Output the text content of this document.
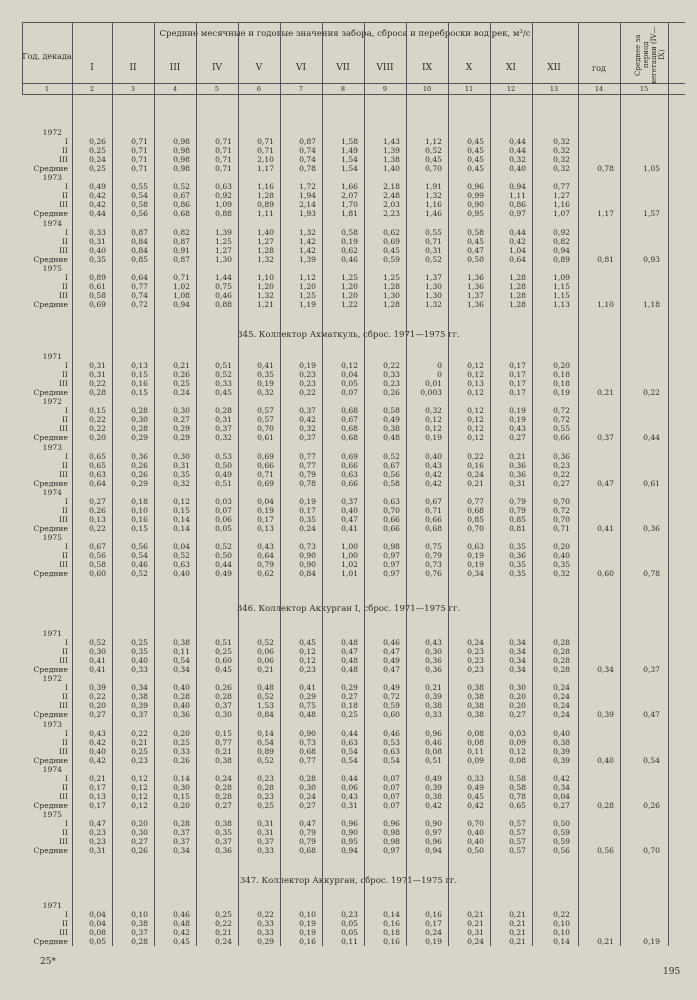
Год, декада
Средние месячные и годовые значения забора, сброса и переброски вод рек, м³/с
Среднее за период вегетации (IV—IX)
I	II	III	IV	V	VI	VII	VIII	IX	X	XI	XII	год
1	2	3	4	5	6	7	8	9	10	11	12	13	14	15
1972
I	0,26	0,71	0,98	0,71	0,71	0,87	1,58	1,43	1,12	0,45	0,44	0,32
II	0,25	0,71	0,98	0,71	0,71	0,74	1,49	1,39	0,52	0,45	0,44	0,32
III	0,24	0,71	0,98	0,71	2,10	0,74	1,54	1,38	0,45	0,45	0,32	0,32
Средние	0,25	0,71	0,98	0,71	1,17	0,78	1,54	1,40	0,70	0,45	0,40	0,32	0,78	1,05
1973
I	0,49	0,55	0,52	0,63	1,16	1,72	1,66	2,18	1,91	0,96	0,94	0,77
II	0,42	0,54	0,67	0,92	1,28	1,94	2,07	2,48	1,32	0,99	1,11	1,27
III	0,42	0,58	0,86	1,09	0,89	2,14	1,70	2,03	1,16	0,90	0,86	1,16
Средние	0,44	0,56	0,68	0,88	1,11	1,93	1,81	2,23	1,46	0,95	0,97	1,07	1,17	1,57
1974
I	0,33	0,87	0,82	1,39	1,40	1,32	0,58	0,62	0,55	0,58	0,44	0,92
II	0,31	0,84	0,87	1,25	1,27	1,42	0,19	0,69	0,71	0,45	0,42	0,82
III	0,40	0,84	0,91	1,27	1,28	1,42	0,62	0,45	0,31	0,47	1,04	0,94
Средние	0,35	0,85	0,87	1,30	1,32	1,39	0,46	0,59	0,52	0,50	0,64	0,89	0,81	0,93
1975
I	0,89	0,64	0,71	1,44	1,10	1,12	1,25	1,25	1,37	1,36	1,28	1,09
II	0,61	0,77	1,02	0,75	1,20	1,20	1,20	1,28	1,30	1,36	1,28	1,15
III	0,58	0,74	1,08	0,46	1,32	1,25	1,20	1,30	1,30	1,37	1,28	1,15
Средние	0,69	0,72	0,94	0,88	1,21	1,19	1,22	1,28	1,32	1,36	1,28	1,13	1,10	1,18
345. Коллектор Ахматкуль, сброс. 1971—1975 гг.
1971
I	0,31	0,13	0,21	0,51	0,41	0,19	0,12	0,22	0	0,12	0,17	0,20
II	0,31	0,15	0,26	0,52	0,35	0,23	0,04	0,33	0	0,12	0,17	0,18
III	0,22	0,16	0,25	0,33	0,19	0,23	0,05	0,23	0,01	0,13	0,17	0,18
Средние	0,28	0,15	0,24	0,45	0,32	0,22	0,07	0,26	0,003	0,12	0,17	0,19	0,21	0,22
1972
I	0,15	0,28	0,30	0,28	0,57	0,37	0,68	0,58	0,32	0,12	0,19	0,72
II	0,22	0,30	0,27	0,31	0,57	0,42	0,67	0,49	0,12	0,12	0,19	0,72
III	0,22	0,28	0,29	0,37	0,70	0,32	0,68	0,38	0,12	0,12	0,43	0,55
Средние	0,20	0,29	0,29	0,32	0,61	0,37	0,68	0,48	0,19	0,12	0,27	0,66	0,37	0,44
1973
I	0,65	0,36	0,30	0,53	0,69	0,77	0,69	0,52	0,40	0,22	0,21	0,36
II	0,65	0,26	0,31	0,50	0,66	0,77	0,66	0,67	0,43	0,16	0,36	0,23
III	0,63	0,26	0,35	0,49	0,71	0,79	0,63	0,56	0,42	0,24	0,36	0,22
Средние	0,64	0,29	0,32	0,51	0,69	0,78	0,66	0,58	0,42	0,21	0,31	0,27	0,47	0,61
1974
I	0,27	0,18	0,12	0,03	0,04	0,19	0,37	0,63	0,67	0,77	0,79	0,70
II	0,26	0,10	0,15	0,07	0,19	0,17	0,40	0,70	0,71	0,68	0,79	0,72
III	0,13	0,16	0,14	0,06	0,17	0,35	0,47	0,66	0,66	0,85	0,85	0,70
Средние	0,22	0,15	0,14	0,05	0,13	0,24	0,41	0,66	0,68	0,70	0,81	0,71	0,41	0,36
1975
I	0,67	0,56	0,04	0,52	0,43	0,73	1,00	0,98	0,75	0,63	0,35	0,20
II	0,56	0,54	0,52	0,50	0,64	0,90	1,00	0,97	0,79	0,19	0,36	0,40
III	0,58	0,46	0,63	0,44	0,79	0,90	1,02	0,97	0,73	0,19	0,35	0,35
Средние	0,60	0,52	0,40	0,49	0,62	0,84	1,01	0,97	0,76	0,34	0,35	0,32	0,60	0,78
346. Коллектор Аккурган I, сброс. 1971—1975 гг.
1971
I	0,52	0,25	0,38	0,51	0,52	0,45	0,48	0,46	0,43	0,24	0,34	0,28
II	0,30	0,35	0,11	0,25	0,06	0,12	0,47	0,47	0,30	0,23	0,34	0,28
III	0,41	0,40	0,54	0,60	0,06	0,12	0,48	0,49	0,36	0,23	0,34	0,28
Средние	0,41	0,33	0,34	0,45	0,21	0,23	0,48	0,47	0,36	0,23	0,34	0,28	0,34	0,37
1972
I	0,39	0,34	0,40	0,26	0,48	0,41	0,29	0,49	0,21	0,38	0,30	0,24
II	0,22	0,38	0,28	0,28	0,52	0,29	0,27	0,72	0,39	0,38	0,20	0,24
III	0,20	0,39	0,40	0,37	1,53	0,75	0,18	0,59	0,38	0,38	0,20	0,24
Средние	0,27	0,37	0,36	0,30	0,84	0,48	0,25	0,60	0,33	0,38	0,27	0,24	0,39	0,47
1973
I	0,43	0,22	0,20	0,15	0,14	0,90	0,44	0,46	0,96	0,08	0,03	0,40
II	0,42	0,21	0,25	0,77	0,54	0,73	0,63	0,53	0,46	0,08	0,09	0,38
III	0,40	0,25	0,33	0,21	0,89	0,68	0,54	0,63	0,08	0,11	0,12	0,39
Средние	0,42	0,23	0,26	0,38	0,52	0,77	0,54	0,54	0,51	0,09	0,08	0,39	0,40	0,54
1974
I	0,21	0,12	0,14	0,24	0,23	0,28	0,44	0,07	0,49	0,33	0,58	0,42
II	0,17	0,12	0,30	0,28	0,28	0,30	0,06	0,07	0,39	0,49	0,58	0,34
III	0,13	0,12	0,15	0,28	0,23	0,24	0,43	0,07	0,38	0,45	0,78	0,04
Средние	0,17	0,12	0,20	0,27	0,25	0,27	0,31	0,07	0,42	0,42	0,65	0,27	0,28	0,26
1975
I	0,47	0,20	0,28	0,38	0,31	0,47	0,96	0,96	0,90	0,70	0,57	0,50
II	0,23	0,30	0,37	0,35	0,31	0,79	0,90	0,98	0,97	0,40	0,57	0,59
III	0,23	0,27	0,37	0,37	0,37	0,79	0,95	0,98	0,96	0,40	0,57	0,59
Средние	0,31	0,26	0,34	0,36	0,33	0,68	0,94	0,97	0,94	0,50	0,57	0,56	0,56	0,70
347. Коллектор Аккурган, сброс. 1971—1975 гг.
1971
I	0,04	0,10	0,46	0,25	0,22	0,10	0,23	0,14	0,16	0,21	0,21	0,22
II	0,04	0,38	0,48	0,22	0,33	0,19	0,05	0,16	0,17	0,21	0,21	0,10
III	0,08	0,37	0,42	0,21	0,33	0,19	0,05	0,18	0,24	0,31	0,21	0,10
Средние	0,05	0,28	0,45	0,24	0,29	0,16	0,11	0,16	0,19	0,24	0,21	0,14	0,21	0,19
25*
195
